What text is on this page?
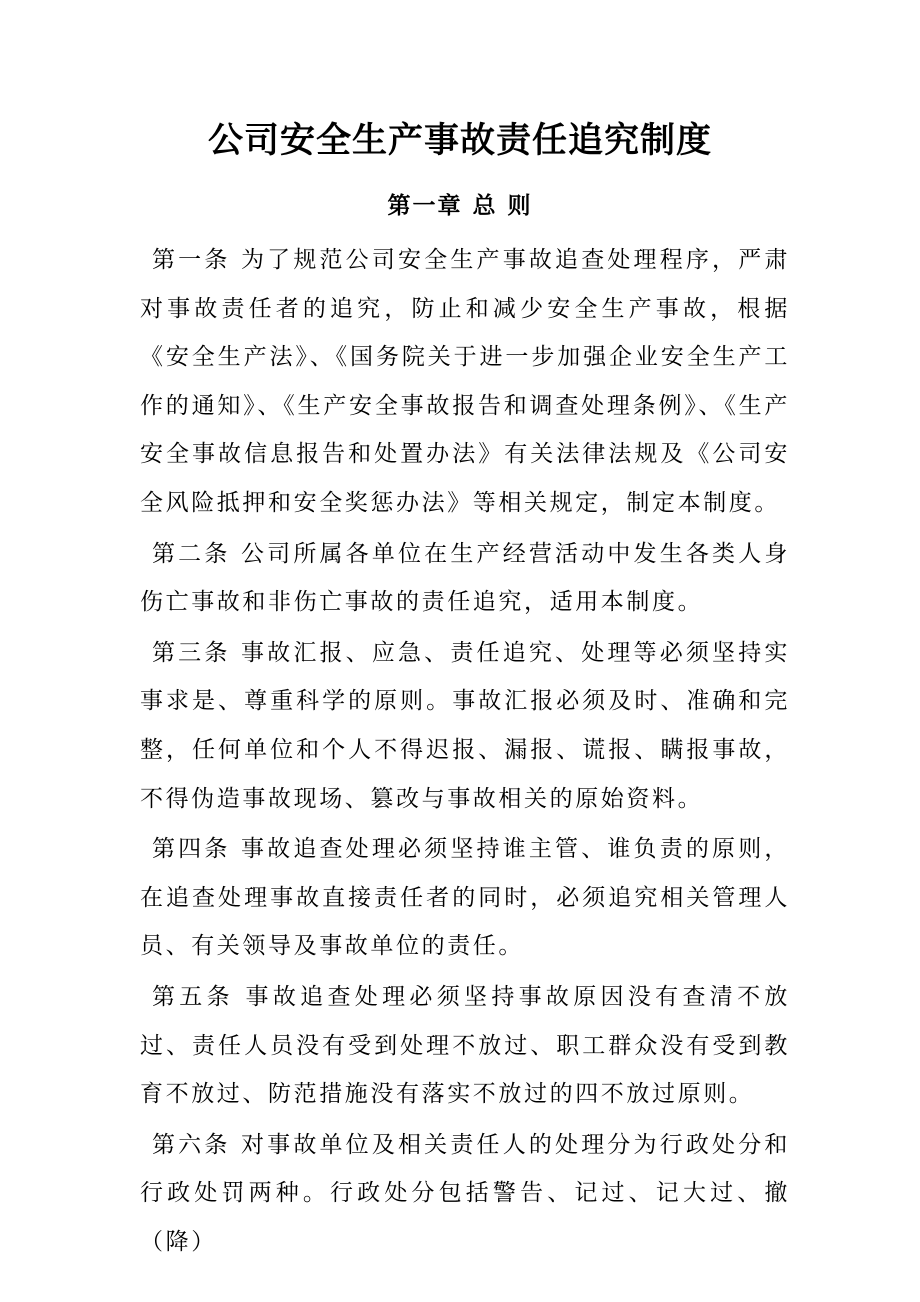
公司安全生产事故责任追究制度
第一章 总 则

第一条 为了规范公司安全生产事故追查处理程序，严肃对事故责任者的追究，防止和减少安全生产事故，根据《安全生产法》、《国务院关于进一步加强企业安全生产工作的通知》、《生产安全事故报告和调查处理条例》、《生产安全事故信息报告和处置办法》有关法律法规及《公司安全风险抵押和安全奖惩办法》等相关规定，制定本制度。

第二条 公司所属各单位在生产经营活动中发生各类人身伤亡事故和非伤亡事故的责任追究，适用本制度。

第三条 事故汇报、应急、责任追究、处理等必须坚持实事求是、尊重科学的原则。事故汇报必须及时、准确和完整，任何单位和个人不得迟报、漏报、谎报、瞒报事故，不得伪造事故现场、篡改与事故相关的原始资料。

第四条 事故追查处理必须坚持谁主管、谁负责的原则，在追查处理事故直接责任者的同时，必须追究相关管理人员、有关领导及事故单位的责任。

第五条 事故追查处理必须坚持事故原因没有查清不放过、责任人员没有受到处理不放过、职工群众没有受到教育不放过、防范措施没有落实不放过的四不放过原则。

第六条 对事故单位及相关责任人的处理分为行政处分和行政处罚两种。行政处分包括警告、记过、记大过、撤（降）
